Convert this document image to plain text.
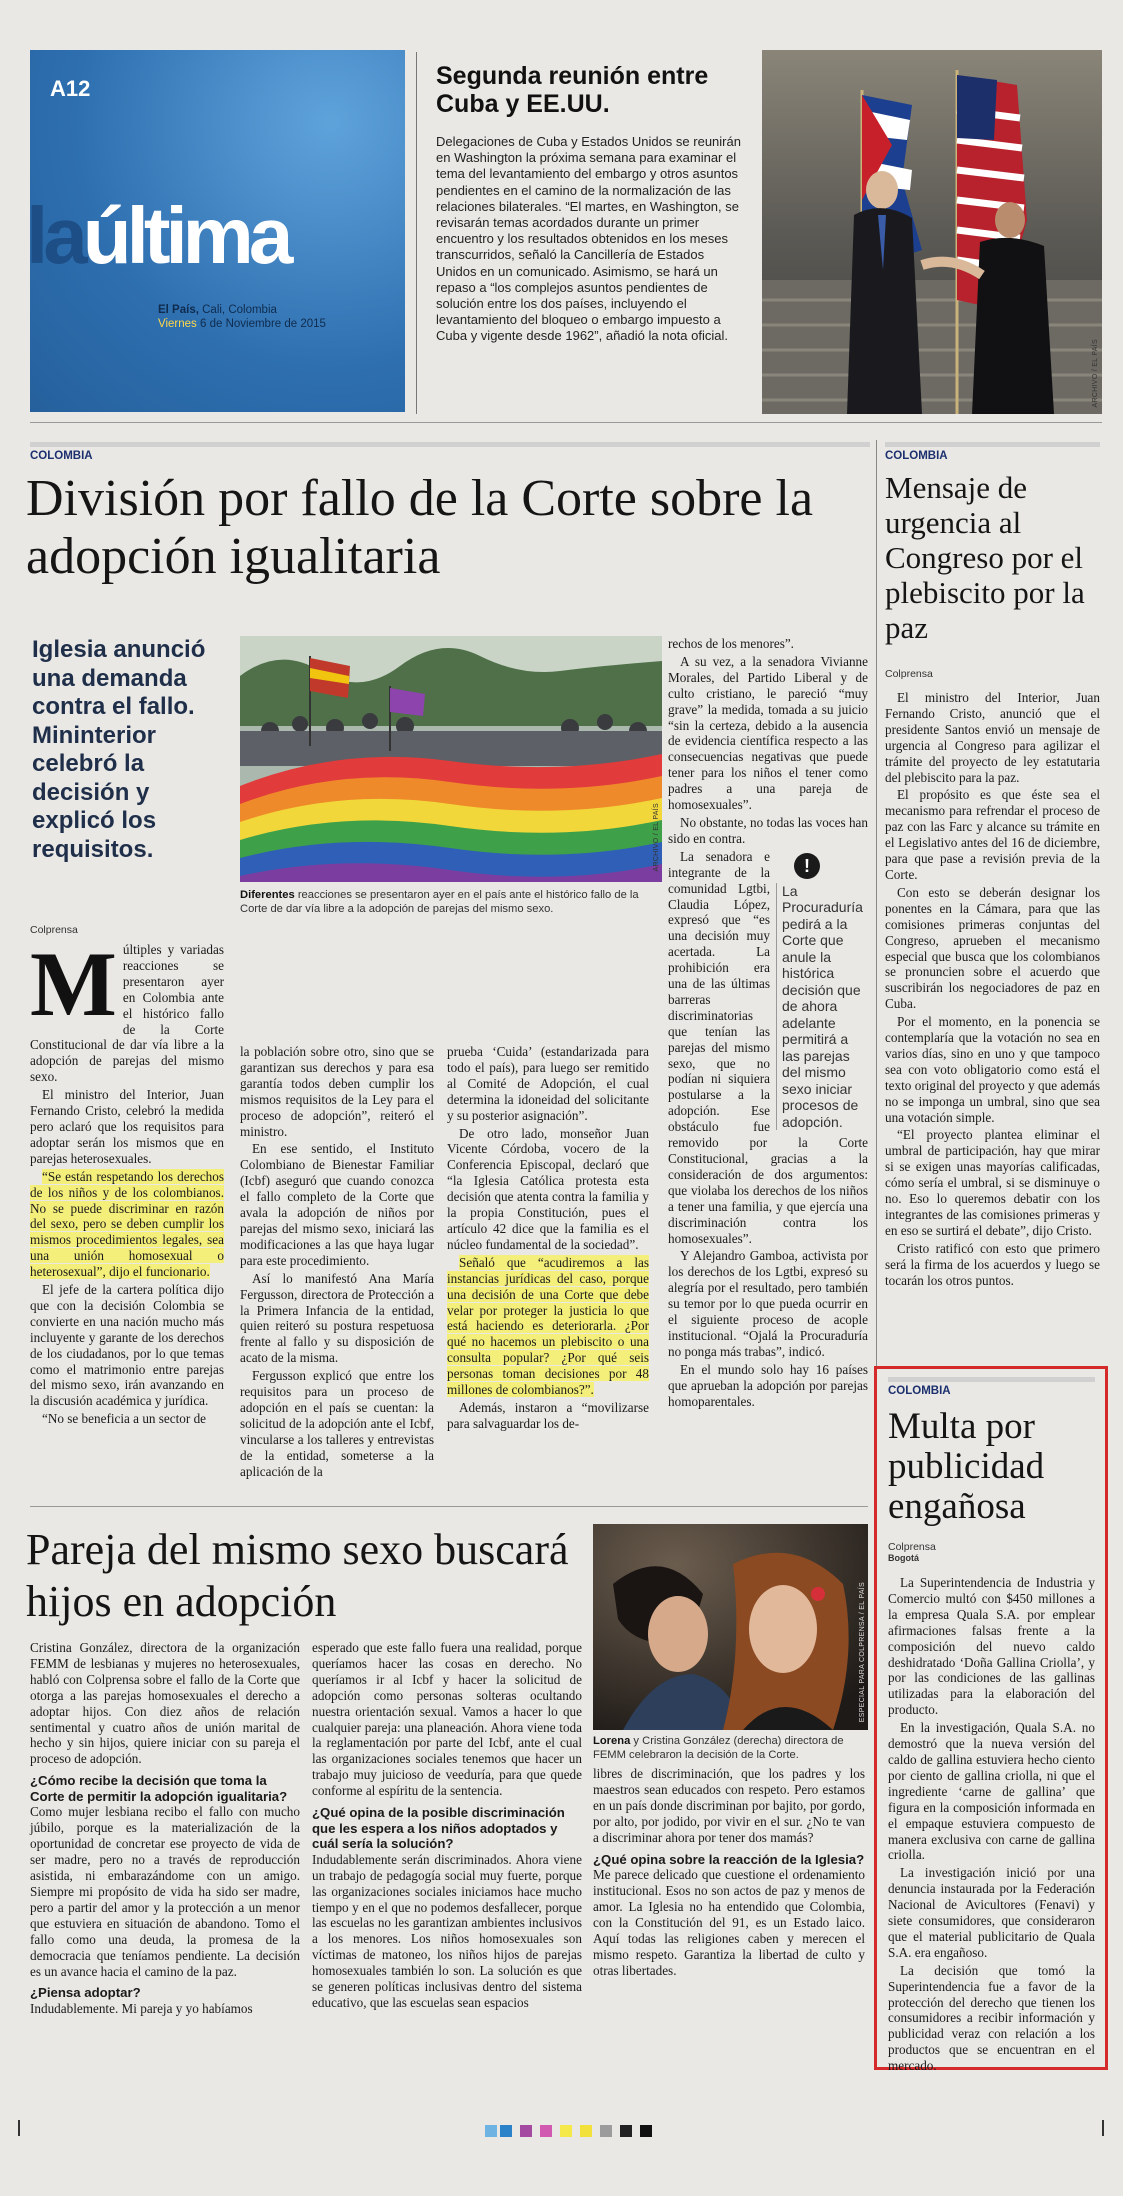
A12
laúltima
El País, Cali, Colombia
Viernes 6 de Noviembre de 2015
Segunda reunión entre Cuba y EE.UU.
Delegaciones de Cuba y Estados Unidos se reunirán en Washington la próxima semana para examinar el tema del levantamiento del embargo y otros asuntos pendientes en el camino de la normalización de las relaciones bilaterales. “El martes, en Washington, se revisarán temas acordados durante un primer encuentro y los resultados obtenidos en los meses transcurridos, señaló la Cancillería de Estados Unidos en un comunicado. Asimismo, se hará un repaso a “los complejos asuntos pendientes de solución entre los dos países, incluyendo el levantamiento del bloqueo o embargo impuesto a Cuba y vigente desde 1962”, añadió la nota oficial.
ARCHIVO / EL PAÍS
COLOMBIA
División por fallo de la Corte sobre la adopción igualitaria
Iglesia anunció una demanda contra el fallo. Mininterior celebró la decisión y explicó los requisitos.	ARCHIVO / EL PAÍS
Diferentes reacciones se presentaron ayer en el país ante el histórico fallo de la Corte de dar vía libre a la adopción de parejas del mismo sexo.
Colprensa
M últiples y variadas reacciones se presentaron ayer en Colombia ante el histórico fallo de la Corte Constitucional de dar vía libre a la adopción de parejas del mismo sexo.

El ministro del Interior, Juan Fernando Cristo, celebró la medida pero aclaró que los requisitos para adoptar serán los mismos que en parejas heterosexuales.

“Se están respetando los derechos de los niños y de los colombianos. No se puede discriminar en razón del sexo, pero se deben cumplir los mismos procedimientos legales, sea una unión homosexual o heterosexual”, dijo el funcionario.

El jefe de la cartera política dijo que con la decisión Colombia se convierte en una nación mucho más incluyente y garante de los derechos de los ciudadanos, por lo que temas como el matrimonio entre parejas del mismo sexo, irán avanzando en la discusión académica y jurídica.

“No se beneficia a un sector de

la población sobre otro, sino que se garantizan sus derechos y para esa garantía todos deben cumplir los mismos requisitos de la Ley para el proceso de adopción”, reiteró el ministro.

En ese sentido, el Instituto Colombiano de Bienestar Familiar (Icbf) aseguró que cuando conozca el fallo completo de la Corte que avala la adopción de niños por parejas del mismo sexo, iniciará las modificaciones a las que haya lugar para este procedimiento.

Así lo manifestó Ana María Fergusson, directora de Protección a la Primera Infancia de la entidad, quien reiteró su postura respetuosa frente al fallo y su disposición de acato de la misma.

Fergusson explicó que entre los requisitos para un proceso de adopción en el país se cuentan: la solicitud de la adopción ante el Icbf, vincularse a los talleres y entrevistas de la entidad, someterse a la aplicación de la

prueba ‘Cuida’ (estandarizada para todo el país), para luego ser remitido al Comité de Adopción, el cual determina la idoneidad del solicitante y su posterior asignación”.

De otro lado, monseñor Juan Vicente Córdoba, vocero de la Conferencia Episcopal, declaró que “la Iglesia Católica protesta esta decisión que atenta contra la familia y la propia Constitución, pues el artículo 42 dice que la familia es el núcleo fundamental de la sociedad”.

Señaló que “acudiremos a las instancias jurídicas del caso, porque una decisión de una Corte que debe velar por proteger la justicia lo que está haciendo es deteriorarla. ¿Por qué no hacemos un plebiscito o una consulta popular? ¿Por qué seis personas toman decisiones por 48 millones de colombianos?”.

Además, instaron a “movilizarse para salvaguardar los de-

rechos de los menores”.

A su vez, a la senadora Vivianne Morales, del Partido Liberal y de culto cristiano, le pareció “muy grave” la medida, tomada a su juicio “sin la certeza, debido a la ausencia de evidencia científica respecto a las consecuencias negativas que puede tener para los niños el tener como padres a una pareja de homosexuales”.

No obstante, no todas las voces han sido en contra.

!
La Procuraduría pedirá a la Corte que anule la histórica decisión que de ahora adelante permitirá a las parejas del mismo sexo iniciar procesos de adopción.

La senadora e integrante de la comunidad Lgtbi, Claudia López, expresó que “es una decisión muy acertada. La prohibición era una de las últimas barreras discriminatorias que tenían las parejas del mismo sexo, que no podían ni siquiera postularse a la adopción. Ese obstáculo fue removido por la Corte Constitucional, gracias a la consideración de dos argumentos: que violaba los derechos de los niños a tener una familia, y que ejercía una discriminación contra los homosexuales”.

Y Alejandro Gamboa, activista por los derechos de los Lgtbi, expresó su alegría por el resultado, pero también su temor por lo que pueda ocurrir en el siguiente proceso de acople institucional. “Ojalá la Procuraduría no ponga más trabas”, indicó.

En el mundo solo hay 16 países que aprueban la adopción por parejas homoparentales.

COLOMBIA
Mensaje de urgencia al Congreso por el plebiscito por la paz
Colprensa

El ministro del Interior, Juan Fernando Cristo, anunció que el presidente Santos envió un mensaje de urgencia al Congreso para agilizar el trámite del proyecto de ley estatutaria del plebiscito para la paz.

El propósito es que éste sea el mecanismo para refrendar el proceso de paz con las Farc y alcance su trámite en el Legislativo antes del 16 de diciembre, para que pase a revisión previa de la Corte.

Con esto se deberán designar los ponentes en la Cámara, para que las comisiones primeras conjuntas del Congreso, aprueben el mecanismo especial que busca que los colombianos se pronuncien sobre el acuerdo que suscribirán los negociadores de paz en Cuba.

Por el momento, en la ponencia se contemplaría que la votación no sea en varios días, sino en uno y que tampoco sea con voto obligatorio como está el texto original del proyecto y que además no se imponga un umbral, sino que sea una votación simple.

“El proyecto plantea eliminar el umbral de participación, hay que mirar si se exigen unas mayorías calificadas, cómo sería el umbral, si se disminuye o no. Eso lo queremos debatir con los integrantes de las comisiones primeras y en eso se surtirá el debate”, dijo Cristo.

Cristo ratificó con esto que primero será la firma de los acuerdos y luego se tocarán los otros puntos.

COLOMBIA
Multa por publicidad engañosa
Colprensa
Bogotá

La Superintendencia de Industria y Comercio multó con $450 millones a la empresa Quala S.A. por emplear afirmaciones falsas frente a la composición del nuevo caldo deshidratado ‘Doña Gallina Criolla’, y por las condiciones de las gallinas utilizadas para la elaboración del producto.

En la investigación, Quala S.A. no demostró que la nueva versión del caldo de gallina estuviera hecho ciento por ciento de gallina criolla, ni que el ingrediente ‘carne de gallina’ que figura en la composición informada en el empaque estuviera compuesto de manera exclusiva con carne de gallina criolla.

La investigación inició por una denuncia instaurada por la Federación Nacional de Avicultores (Fenavi) y siete consumidores, que consideraron que el material publicitario de Quala S.A. era engañoso.

La decisión que tomó la Superintendencia fue a favor de la protección del derecho que tienen los consumidores a recibir información y publicidad veraz con relación a los productos que se encuentran en el mercado.

Pareja del mismo sexo buscará hijos en adopción	ESPECIAL PARA COLPRENSA / EL PAÍS
Lorena y Cristina González (derecha) directora de FEMM celebraron la decisión de la Corte.

Cristina González, directora de la organización FEMM de lesbianas y mujeres no heterosexuales, habló con Colprensa sobre el fallo de la Corte que otorga a las parejas homosexuales el derecho a adoptar hijos. Con diez años de relación sentimental y cuatro años de unión marital de hecho y sin hijos, quiere iniciar con su pareja el proceso de adopción.

¿Cómo recibe la decisión que toma la Corte de permitir la adopción igualitaria?

Como mujer lesbiana recibo el fallo con mucho júbilo, porque es la materialización de la oportunidad de concretar ese proyecto de vida de ser madre, pero no a través de reproducción asistida, ni embarazándome con un amigo. Siempre mi propósito de vida ha sido ser madre, pero a partir del amor y la protección a un menor que estuviera en situación de abandono. Tomo el fallo como una deuda, la promesa de la democracia que teníamos pendiente. La decisión es un avance hacia el camino de la paz.

¿Piensa adoptar?

Indudablemente. Mi pareja y yo habíamos

esperado que este fallo fuera una realidad, porque queríamos hacer las cosas en derecho. No queríamos ir al Icbf y hacer la solicitud de adopción como personas solteras ocultando nuestra orientación sexual. Vamos a hacer lo que cualquier pareja: una planeación. Ahora viene toda la reglamentación por parte del Icbf, ante el cual las organizaciones sociales tenemos que hacer un trabajo muy juicioso de veeduría, para que quede conforme al espíritu de la sentencia.

¿Qué opina de la posible discriminación que les espera a los niños adoptados y cuál sería la solución?

Indudablemente serán discriminados. Ahora viene un trabajo de pedagogía social muy fuerte, porque las organizaciones sociales iniciamos hace mucho tiempo y en el que no podemos desfallecer, porque las escuelas no les garantizan ambientes inclusivos a los menores. Los niños homosexuales son víctimas de matoneo, los niños hijos de parejas homosexuales también lo son. La solución es que se generen políticas inclusivas dentro del sistema educativo, que las escuelas sean espacios

libres de discriminación, que los padres y los maestros sean educados con respeto. Pero estamos en un país donde discriminan por bajito, por gordo, por alto, por jodido, por vivir en el sur. ¿No te van a discriminar ahora por tener dos mamás?

¿Qué opina sobre la reacción de la Iglesia?

Me parece delicado que cuestione el ordenamiento institucional. Esos no son actos de paz y menos de amor. La Iglesia no ha entendido que Colombia, con la Constitución del 91, es un Estado laico. Aquí todas las religiones caben y merecen el mismo respeto. Garantiza la libertad de culto y otras libertades.
